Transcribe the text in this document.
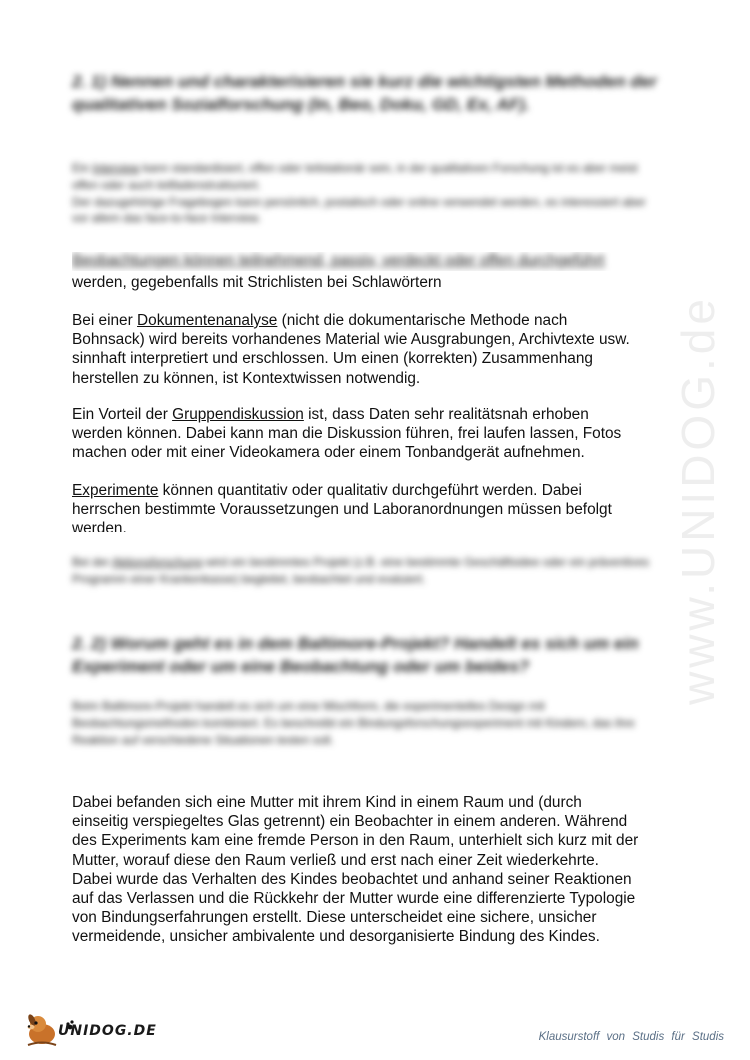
2. 1) Nennen und charakterisieren sie kurz die wichtigsten Methoden der qualitativen Sozialforschung (In, Beo, Doku, GD, Ex, AF).

Ein Interview kann standardisiert, offen oder teilstationär sein, in der qualitativen Forschung ist es aber meist offen oder auch leitfadenstrukturiert.
Der dazugehörige Fragebogen kann persönlich, postalisch oder online verwendet werden, es interessiert aber vor allem das face-to-face Interview.

Beobachtungen können teilnehmend, passiv, verdeckt oder offen durchgeführt

werden, gegebenfalls mit Strichlisten bei Schlawörtern

Bei einer Dokumentenanalyse (nicht die dokumentarische Methode nach
Bohnsack) wird bereits vorhandenes Material wie Ausgrabungen, Archivtexte usw.
sinnhaft interpretiert und erschlossen. Um einen (korrekten) Zusammenhang
herstellen zu können, ist Kontextwissen notwendig.

Ein Vorteil der Gruppendiskussion ist, dass Daten sehr realitätsnah erhoben
werden können. Dabei kann man die Diskussion führen, frei laufen lassen, Fotos
machen oder mit einer Videokamera oder einem Tonbandgerät aufnehmen.

Experimente können quantitativ oder qualitativ durchgeführt werden. Dabei
herrschen bestimmte Voraussetzungen und Laboranordnungen müssen befolgt

werden.

Bei der Aktionsforschung wird ein bestimmtes Projekt (z.B. eine bestimmte Geschäftsidee oder ein präventives Programm einer Krankenkasse) begleitet, beobachtet und evaluiert.

2. 2) Worum geht es in dem Baltimore-Projekt? Handelt es sich um ein Experiment oder um eine Beobachtung oder um beides?

Beim Baltimore-Projekt handelt es sich um eine Mischform, die experimentelles Design mit Beobachtungsmethoden kombiniert. Es beschreibt ein Bindungsforschungsexperiment mit Kindern, das ihre Reaktion auf verschiedene Situationen testen soll.

Dabei befanden sich eine Mutter mit ihrem Kind in einem Raum und (durch
einseitig verspiegeltes Glas getrennt) ein Beobachter in einem anderen. Während
des Experiments kam eine fremde Person in den Raum, unterhielt sich kurz mit der
Mutter, worauf diese den Raum verließ und erst nach einer Zeit wiederkehrte.
Dabei wurde das Verhalten des Kindes beobachtet und anhand seiner Reaktionen
auf das Verlassen und die Rückkehr der Mutter wurde eine differenzierte Typologie
von Bindungserfahrungen erstellt. Diese unterscheidet eine sichere, unsicher
vermeidende, unsicher ambivalente und desorganisierte Bindung des Kindes.

www.UNIDOG.de
UNIDOG.DE	Klausurstoff von Studis für Studis
